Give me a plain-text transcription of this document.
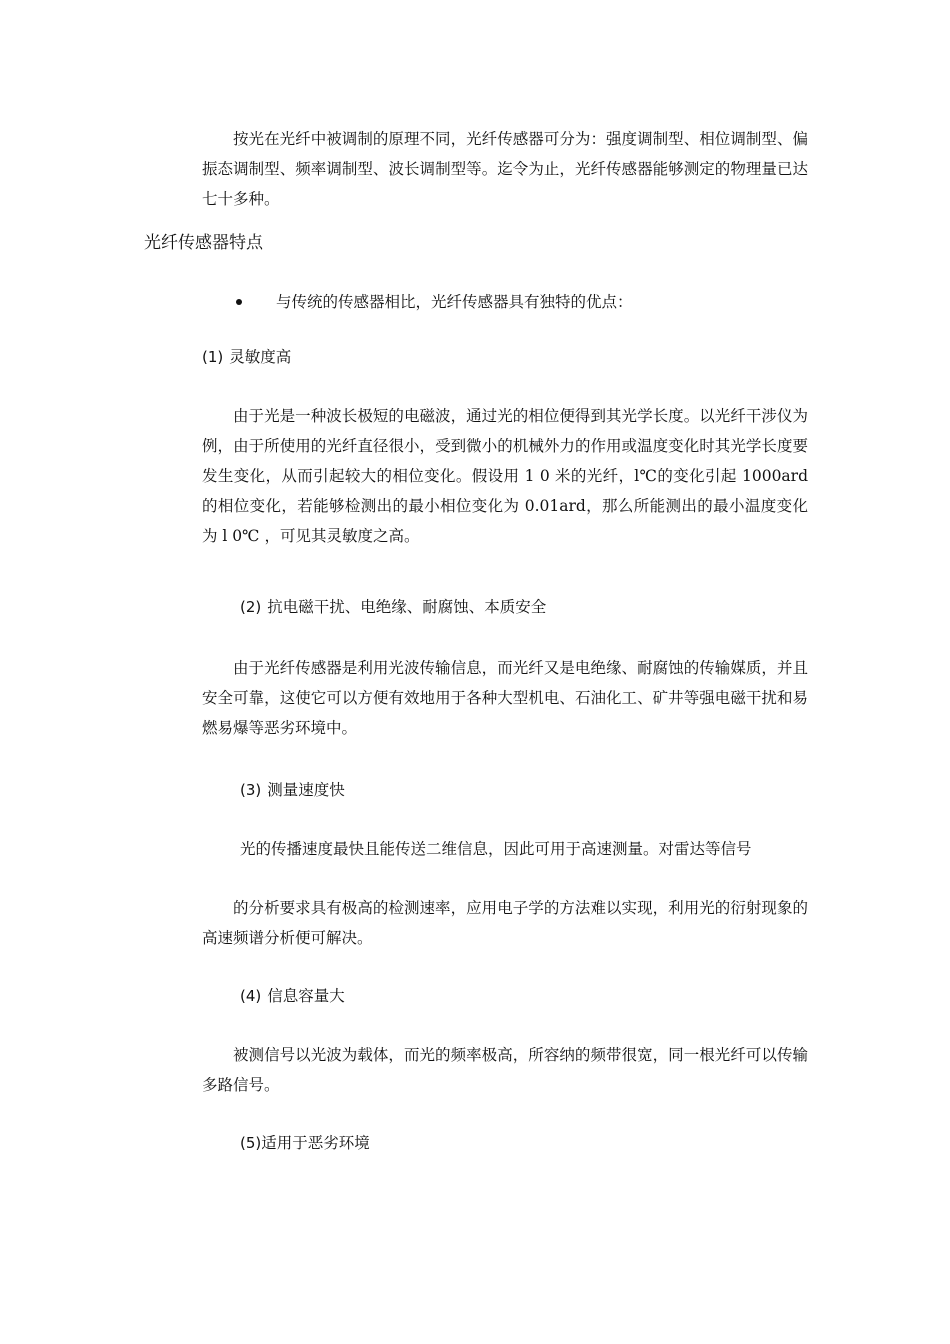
按光在光纤中被调制的原理不同，光纤传感器可分为：强度调制型、相位调制型、偏振态调制型、频率调制型、波长调制型等。迄令为止，光纤传感器能够测定的物理量已达七十多种。

光纤传感器特点

与传统的传感器相比，光纤传感器具有独特的优点：

(1) 灵敏度高

由于光是一种波长极短的电磁波，通过光的相位便得到其光学长度。以光纤干涉仪为例，由于所使用的光纤直径很小，受到微小的机械外力的作用或温度变化时其光学长度要发生变化，从而引起较大的相位变化。假设用 1 0 米的光纤，l℃的变化引起 1000ard 的相位变化，若能够检测出的最小相位变化为 0.01ard，那么所能测出的最小温度变化为 l 0℃ ，可见其灵敏度之高。

(2) 抗电磁干扰、电绝缘、耐腐蚀、本质安全

由于光纤传感器是利用光波传输信息，而光纤又是电绝缘、耐腐蚀的传输媒质，并且安全可靠，这使它可以方便有效地用于各种大型机电、石油化工、矿井等强电磁干扰和易燃易爆等恶劣环境中。

(3) 测量速度快

光的传播速度最快且能传送二维信息，因此可用于高速测量。对雷达等信号

的分析要求具有极高的检测速率，应用电子学的方法难以实现，利用光的衍射现象的高速频谱分析便可解决。

(4) 信息容量大

被测信号以光波为载体，而光的频率极高，所容纳的频带很宽，同一根光纤可以传输多路信号。

(5)适用于恶劣环境
